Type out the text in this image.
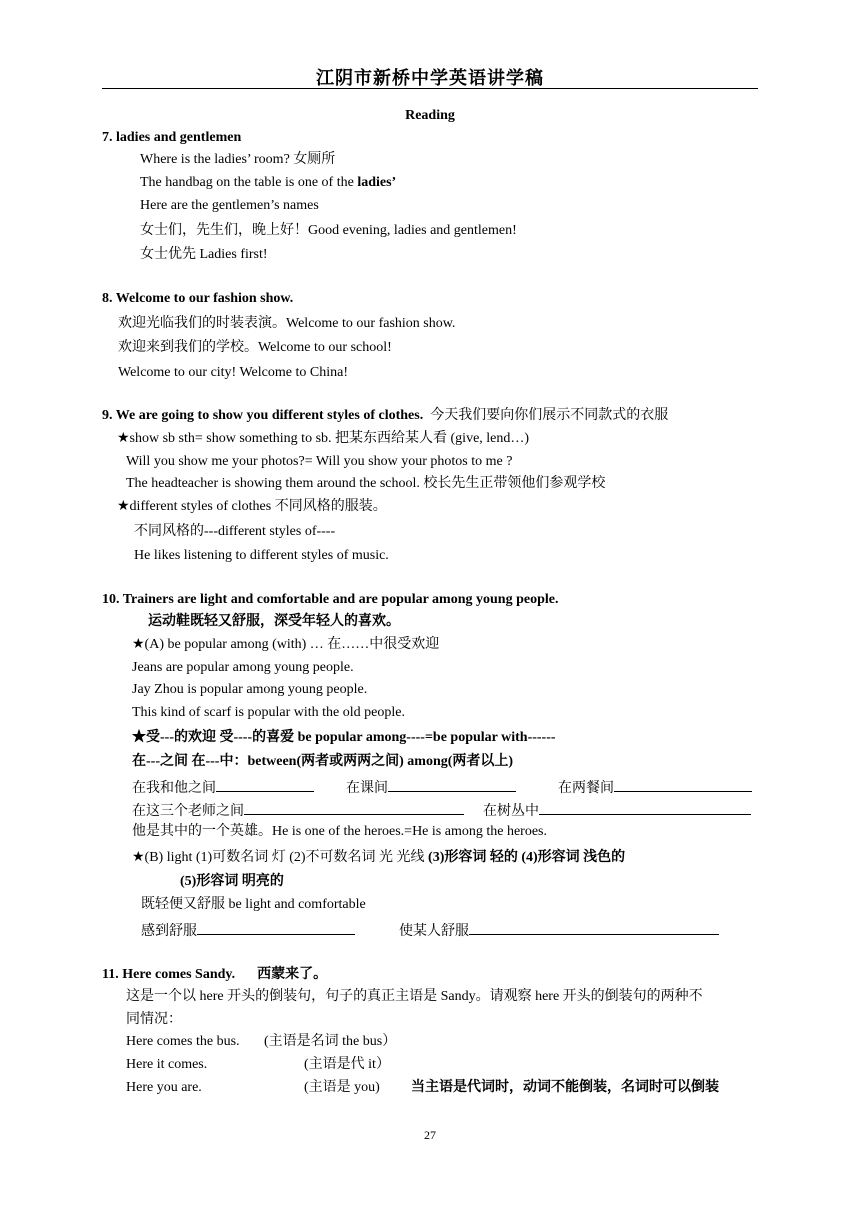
江阴市新桥中学英语讲学稿
Reading
7. ladies and gentlemen
Where is the ladies’ room? 女厕所
The handbag on the table is one of the ladies’
Here are the gentlemen’s names
女士们，先生们，晚上好！Good evening, ladies and gentlemen!
女士优先 Ladies first!
8. Welcome to our fashion show.
欢迎光临我们的时装表演。Welcome to our fashion show.
欢迎来到我们的学校。Welcome to our school!
Welcome to our city! Welcome to China!
9. We are going to show you different styles of clothes. 今天我们要向你们展示不同款式的衣服
★show sb sth= show something to sb. 把某东西给某人看 (give, lend…)
Will you show me your photos?= Will you show your photos to me ?
The headteacher is showing them around the school. 校长先生正带领他们参观学校
★different styles of clothes 不同风格的服装。
不同风格的---different styles of----
He likes listening to different styles of music.
10. Trainers are light and comfortable and are popular among young people.
运动鞋既轻又舒服，深受年轻人的喜欢。
★(A) be popular among (with) … 在……中很受欢迎
Jeans are popular among young people.
Jay Zhou is popular among young people.
This kind of scarf is popular with the old people.
★受---的欢迎 受----的喜爱 be popular among----=be popular with------
在---之间 在---中：between(两者或两两之间) among(两者以上)
在我和他之间	在课间	在两餐间
在这三个老师之间	在树丛中
他是其中的一个英雄。He is one of the heroes.=He is among the heroes.
★(B) light (1)可数名词 灯 (2)不可数名词 光 光线 (3)形容词 轻的 (4)形容词 浅色的
(5)形容词 明亮的
既轻便又舒服 be light and comfortable
感到舒服	使某人舒服
11. Here comes Sandy. 西蒙来了。
这是一个以 here 开头的倒装句，句子的真正主语是 Sandy。请观察 here 开头的倒装句的两种不
同情况：
Here comes the bus. (主语是名词 the bus）
Here it comes.	(主语是代 it）
Here you are.	(主语是 you) 当主语是代词时，动词不能倒装，名词时可以倒装
27
